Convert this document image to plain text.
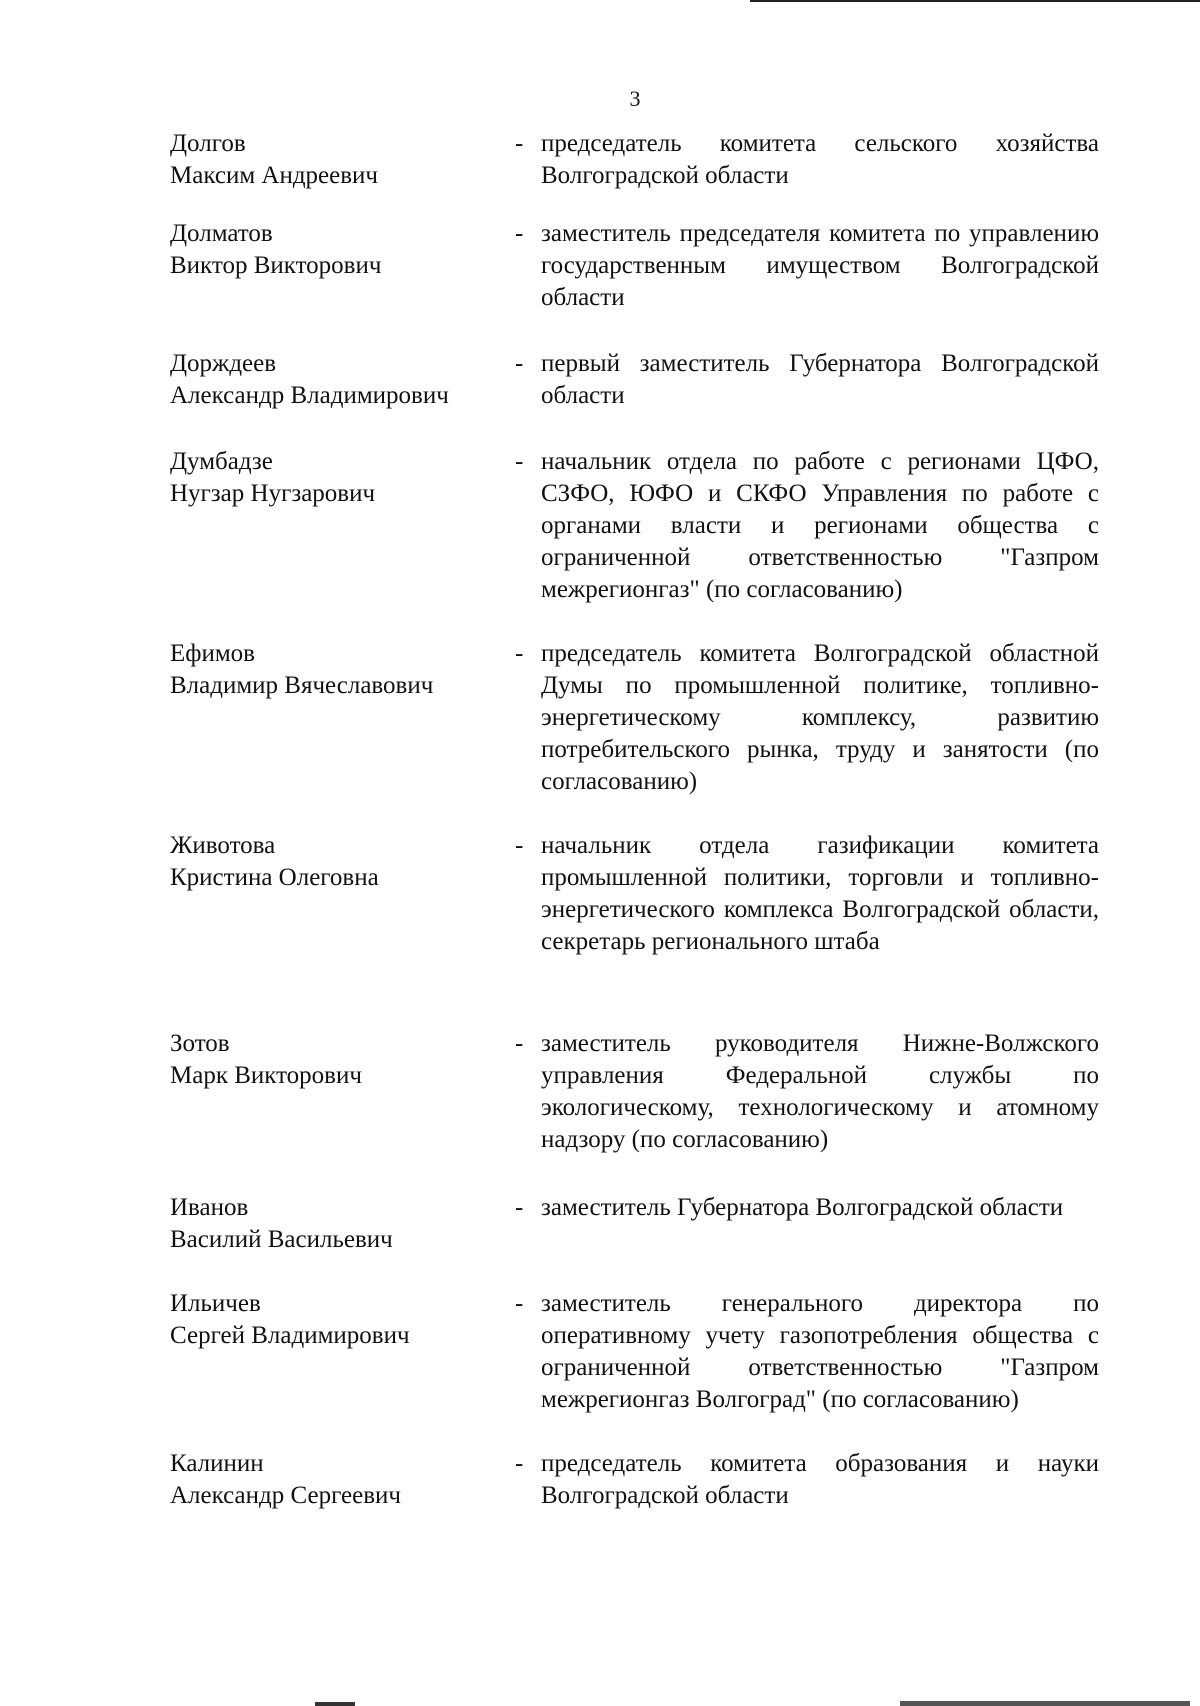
3
Долгов
Максим Андреевич
- председатель комитета сельского хозяйства Волгоградской области
Долматов
Виктор Викторович
- заместитель председателя комитета по управлению государственным имуществом Волгоградской области
Дорждеев
Александр Владимирович
- первый заместитель Губернатора Волгоградской области
Думбадзе
Нугзар Нугзарович
- начальник отдела по работе с регионами ЦФО, СЗФО, ЮФО и СКФО Управления по работе с органами власти и регионами общества с ограниченной ответственностью "Газпром межрегионгаз" (по согласованию)
Ефимов
Владимир Вячеславович
- председатель комитета Волгоградской областной Думы по промышленной политике, топливно-энергетическому комплексу, развитию потребительского рынка, труду и занятости (по согласованию)
Животова
Кристина Олеговна
- начальник отдела газификации комитета промышленной политики, торговли и топливно-энергетического комплекса Волгоградской области, секретарь регионального штаба
Зотов
Марк Викторович
- заместитель руководителя Нижне-Волжского управления Федеральной службы по экологическому, технологическому и атомному надзору (по согласованию)
Иванов
Василий Васильевич
- заместитель Губернатора Волгоградской области
Ильичев
Сергей Владимирович
- заместитель генерального директора по оперативному учету газопотребления общества с ограниченной ответственностью "Газпром межрегионгаз Волгоград" (по согласованию)
Калинин
Александр Сергеевич
- председатель комитета образования и науки Волгоградской области
